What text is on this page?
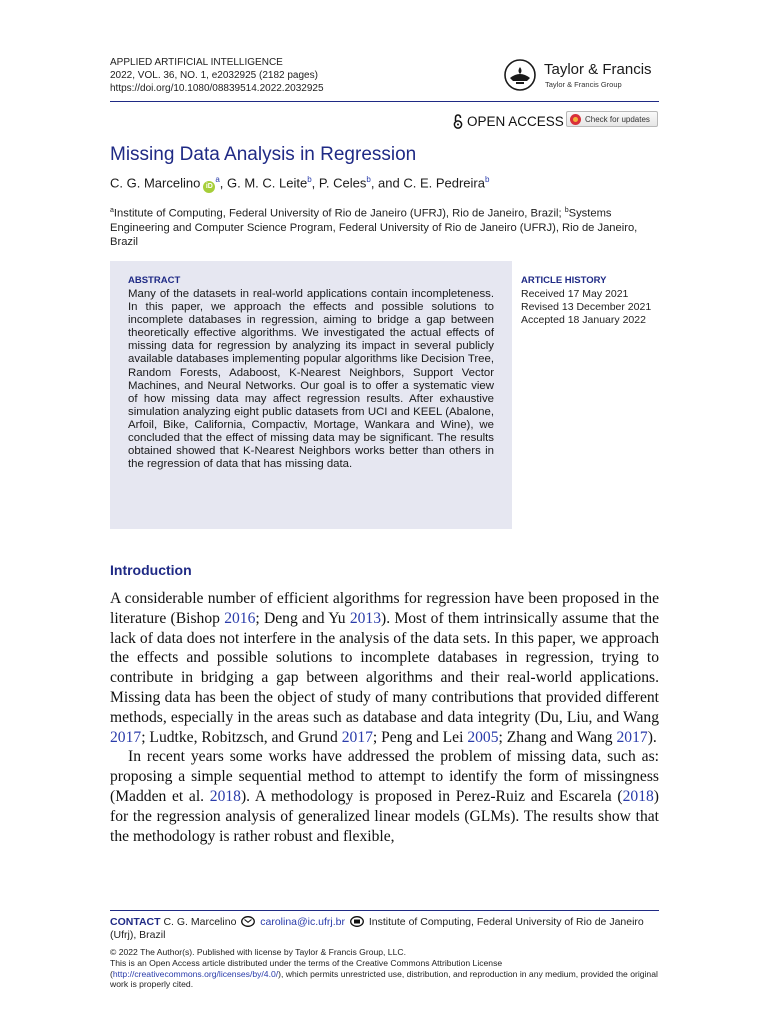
APPLIED ARTIFICIAL INTELLIGENCE
2022, VOL. 36, NO. 1, e2032925 (2182 pages)
https://doi.org/10.1080/08839514.2022.2032925
Taylor & Francis
Taylor & Francis Group
OPEN ACCESS	Check for updates
Missing Data Analysis in Regression
C. G. Marcelino $iD^a$, G. M. C. Leite$^b$, P. Celes$^b$, and C. E. Pedreira$^b$
$^a$Institute of Computing, Federal University of Rio de Janeiro (UFRJ), Rio de Janeiro, Brazil; $^b$Systems Engineering and Computer Science Program, Federal University of Rio de Janeiro (UFRJ), Rio de Janeiro, Brazil
ABSTRACT
Many of the datasets in real-world applications contain incompleteness. In this paper, we approach the effects and possible solutions to incomplete databases in regression, aiming to bridge a gap between theoretically effective algorithms. We investigated the actual effects of missing data for regression by analyzing its impact in several publicly available databases implementing popular algorithms like Decision Tree, Random Forests, Adaboost, K-Nearest Neighbors, Support Vector Machines, and Neural Networks. Our goal is to offer a systematic view of how missing data may affect regression results. After exhaustive simulation analyzing eight public datasets from UCI and KEEL (Abalone, Arfoil, Bike, California, Compactiv, Mortage, Wankara and Wine), we concluded that the effect of missing data may be significant. The results obtained showed that K-Nearest Neighbors works better than others in the regression of data that has missing data.
ARTICLE HISTORY
Received 17 May 2021
Revised 13 December 2021
Accepted 18 January 2022
Introduction

A considerable number of efficient algorithms for regression have been proposed in the literature (Bishop 2016; Deng and Yu 2013). Most of them intrinsically assume that the lack of data does not interfere in the analysis of the data sets. In this paper, we approach the effects and possible solutions to incomplete databases in regression, trying to contribute in bridging a gap between algorithms and their real-world applications. Missing data has been the object of study of many contributions that provided different methods, especially in the areas such as database and data integrity (Du, Liu, and Wang 2017; Ludtke, Robitzsch, and Grund 2017; Peng and Lei 2005; Zhang and Wang 2017).

In recent years some works have addressed the problem of missing data, such as: proposing a simple sequential method to attempt to identify the form of missingness (Madden et al. 2018). A methodology is proposed in Perez-Ruiz and Escarela (2018) for the regression analysis of generalized linear models (GLMs). The results show that the methodology is rather robust and flexible,

CONTACT C. G. Marcelino carolina@ic.ufrj.br Institute of Computing, Federal University of Rio de Janeiro (Ufrj), Brazil
© 2022 The Author(s). Published with license by Taylor & Francis Group, LLC.
This is an Open Access article distributed under the terms of the Creative Commons Attribution License (http://creativecommons.org/licenses/by/4.0/), which permits unrestricted use, distribution, and reproduction in any medium, provided the original work is properly cited.
